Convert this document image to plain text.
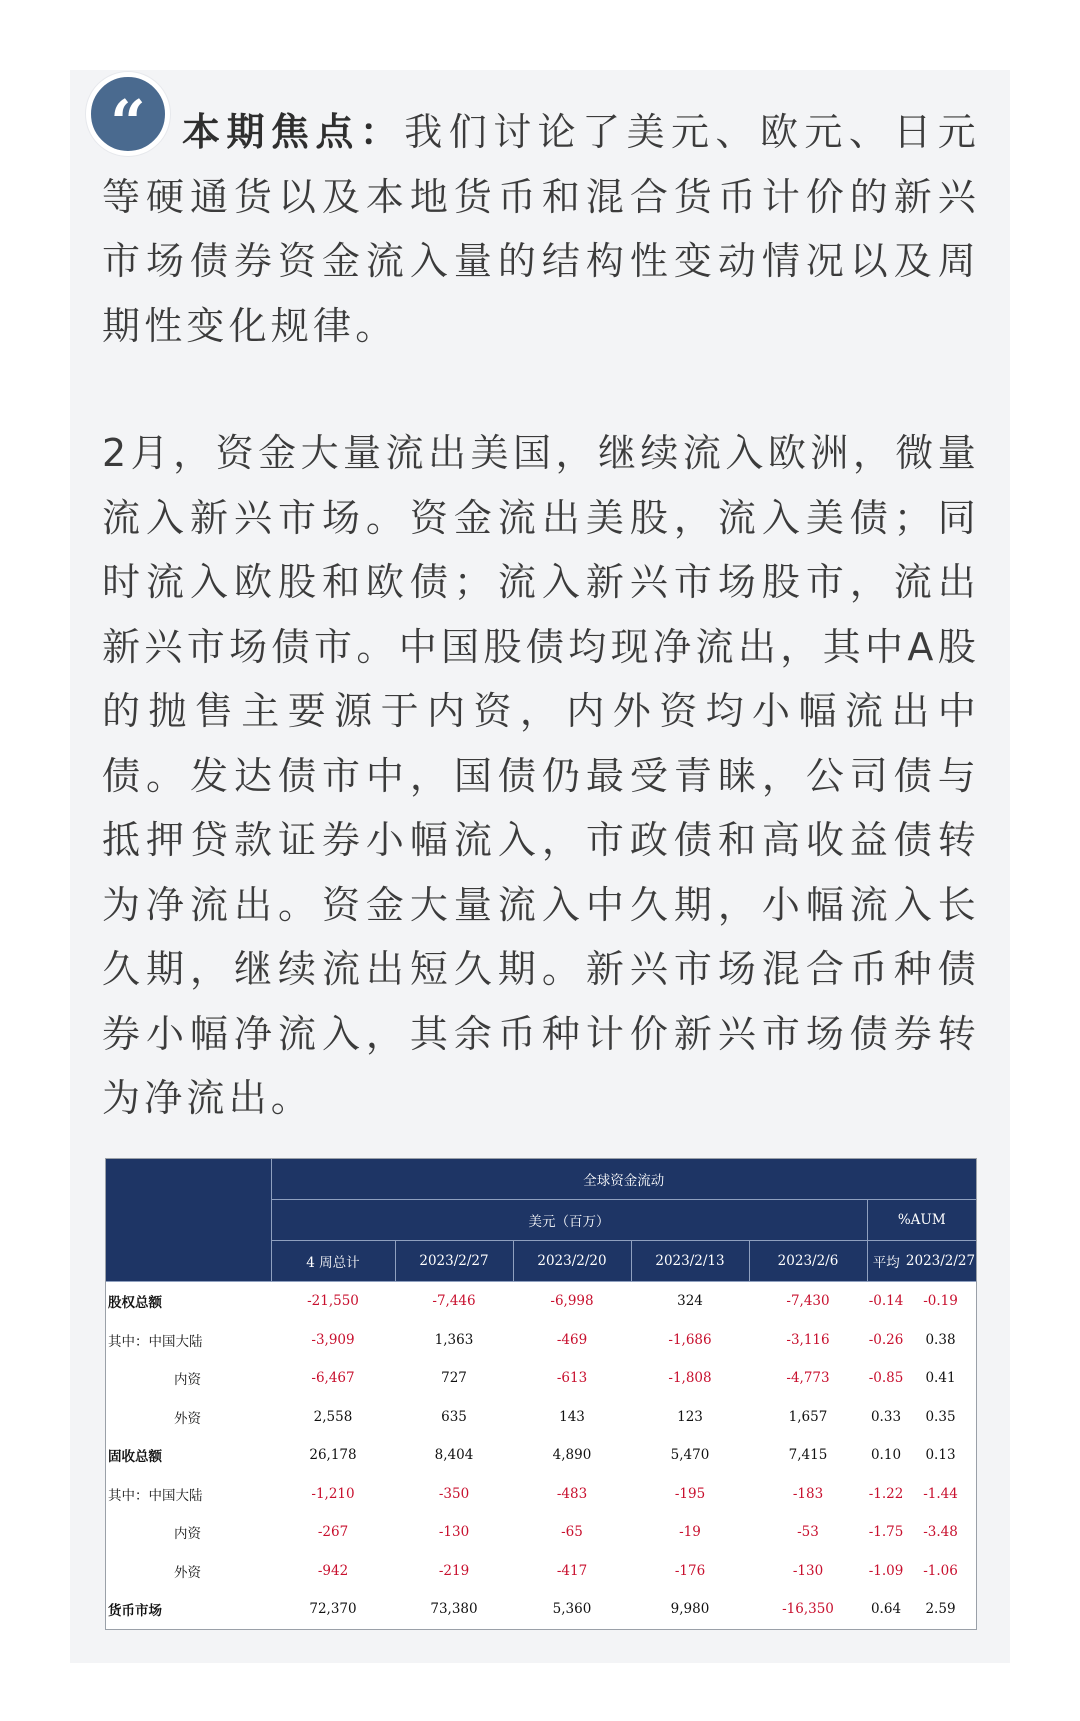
“ 本期焦点：我们讨论了美元、欧元、日元等硬通货以及本地货币和混合货币计价的新兴市场债券资金流入量的结构性变动情况以及周期性变化规律。

2月，资金大量流出美国，继续流入欧洲，微量流入新兴市场。资金流出美股，流入美债；同时流入欧股和欧债；流入新兴市场股市，流出新兴市场债市。中国股债均现净流出，其中A股的抛售主要源于内资，内外资均小幅流出中债。发达债市中，国债仍最受青睐，公司债与抵押贷款证券小幅流入，市政债和高收益债转为净流出。资金大量流入中久期，小幅流入长久期，继续流出短久期。新兴市场混合币种债券小幅净流入，其余币种计价新兴市场债券转为净流出。

	全球资金流动						
	美元（百万）					%AUM	
	4 周总计	2023/2/27	2023/2/20	2023/2/13	2023/2/6	平均	2023/2/27
股权总额	-21,550	-7,446	-6,998	324	-7,430	-0.14	-0.19
其中：中国大陆	-3,909	1,363	-469	-1,686	-3,116	-0.26	0.38
内资	-6,467	727	-613	-1,808	-4,773	-0.85	0.41
外资	2,558	635	143	123	1,657	0.33	0.35
固收总额	26,178	8,404	4,890	5,470	7,415	0.10	0.13
其中：中国大陆	-1,210	-350	-483	-195	-183	-1.22	-1.44
内资	-267	-130	-65	-19	-53	-1.75	-3.48
外资	-942	-219	-417	-176	-130	-1.09	-1.06
货币市场	72,370	73,380	5,360	9,980	-16,350	0.64	2.59
